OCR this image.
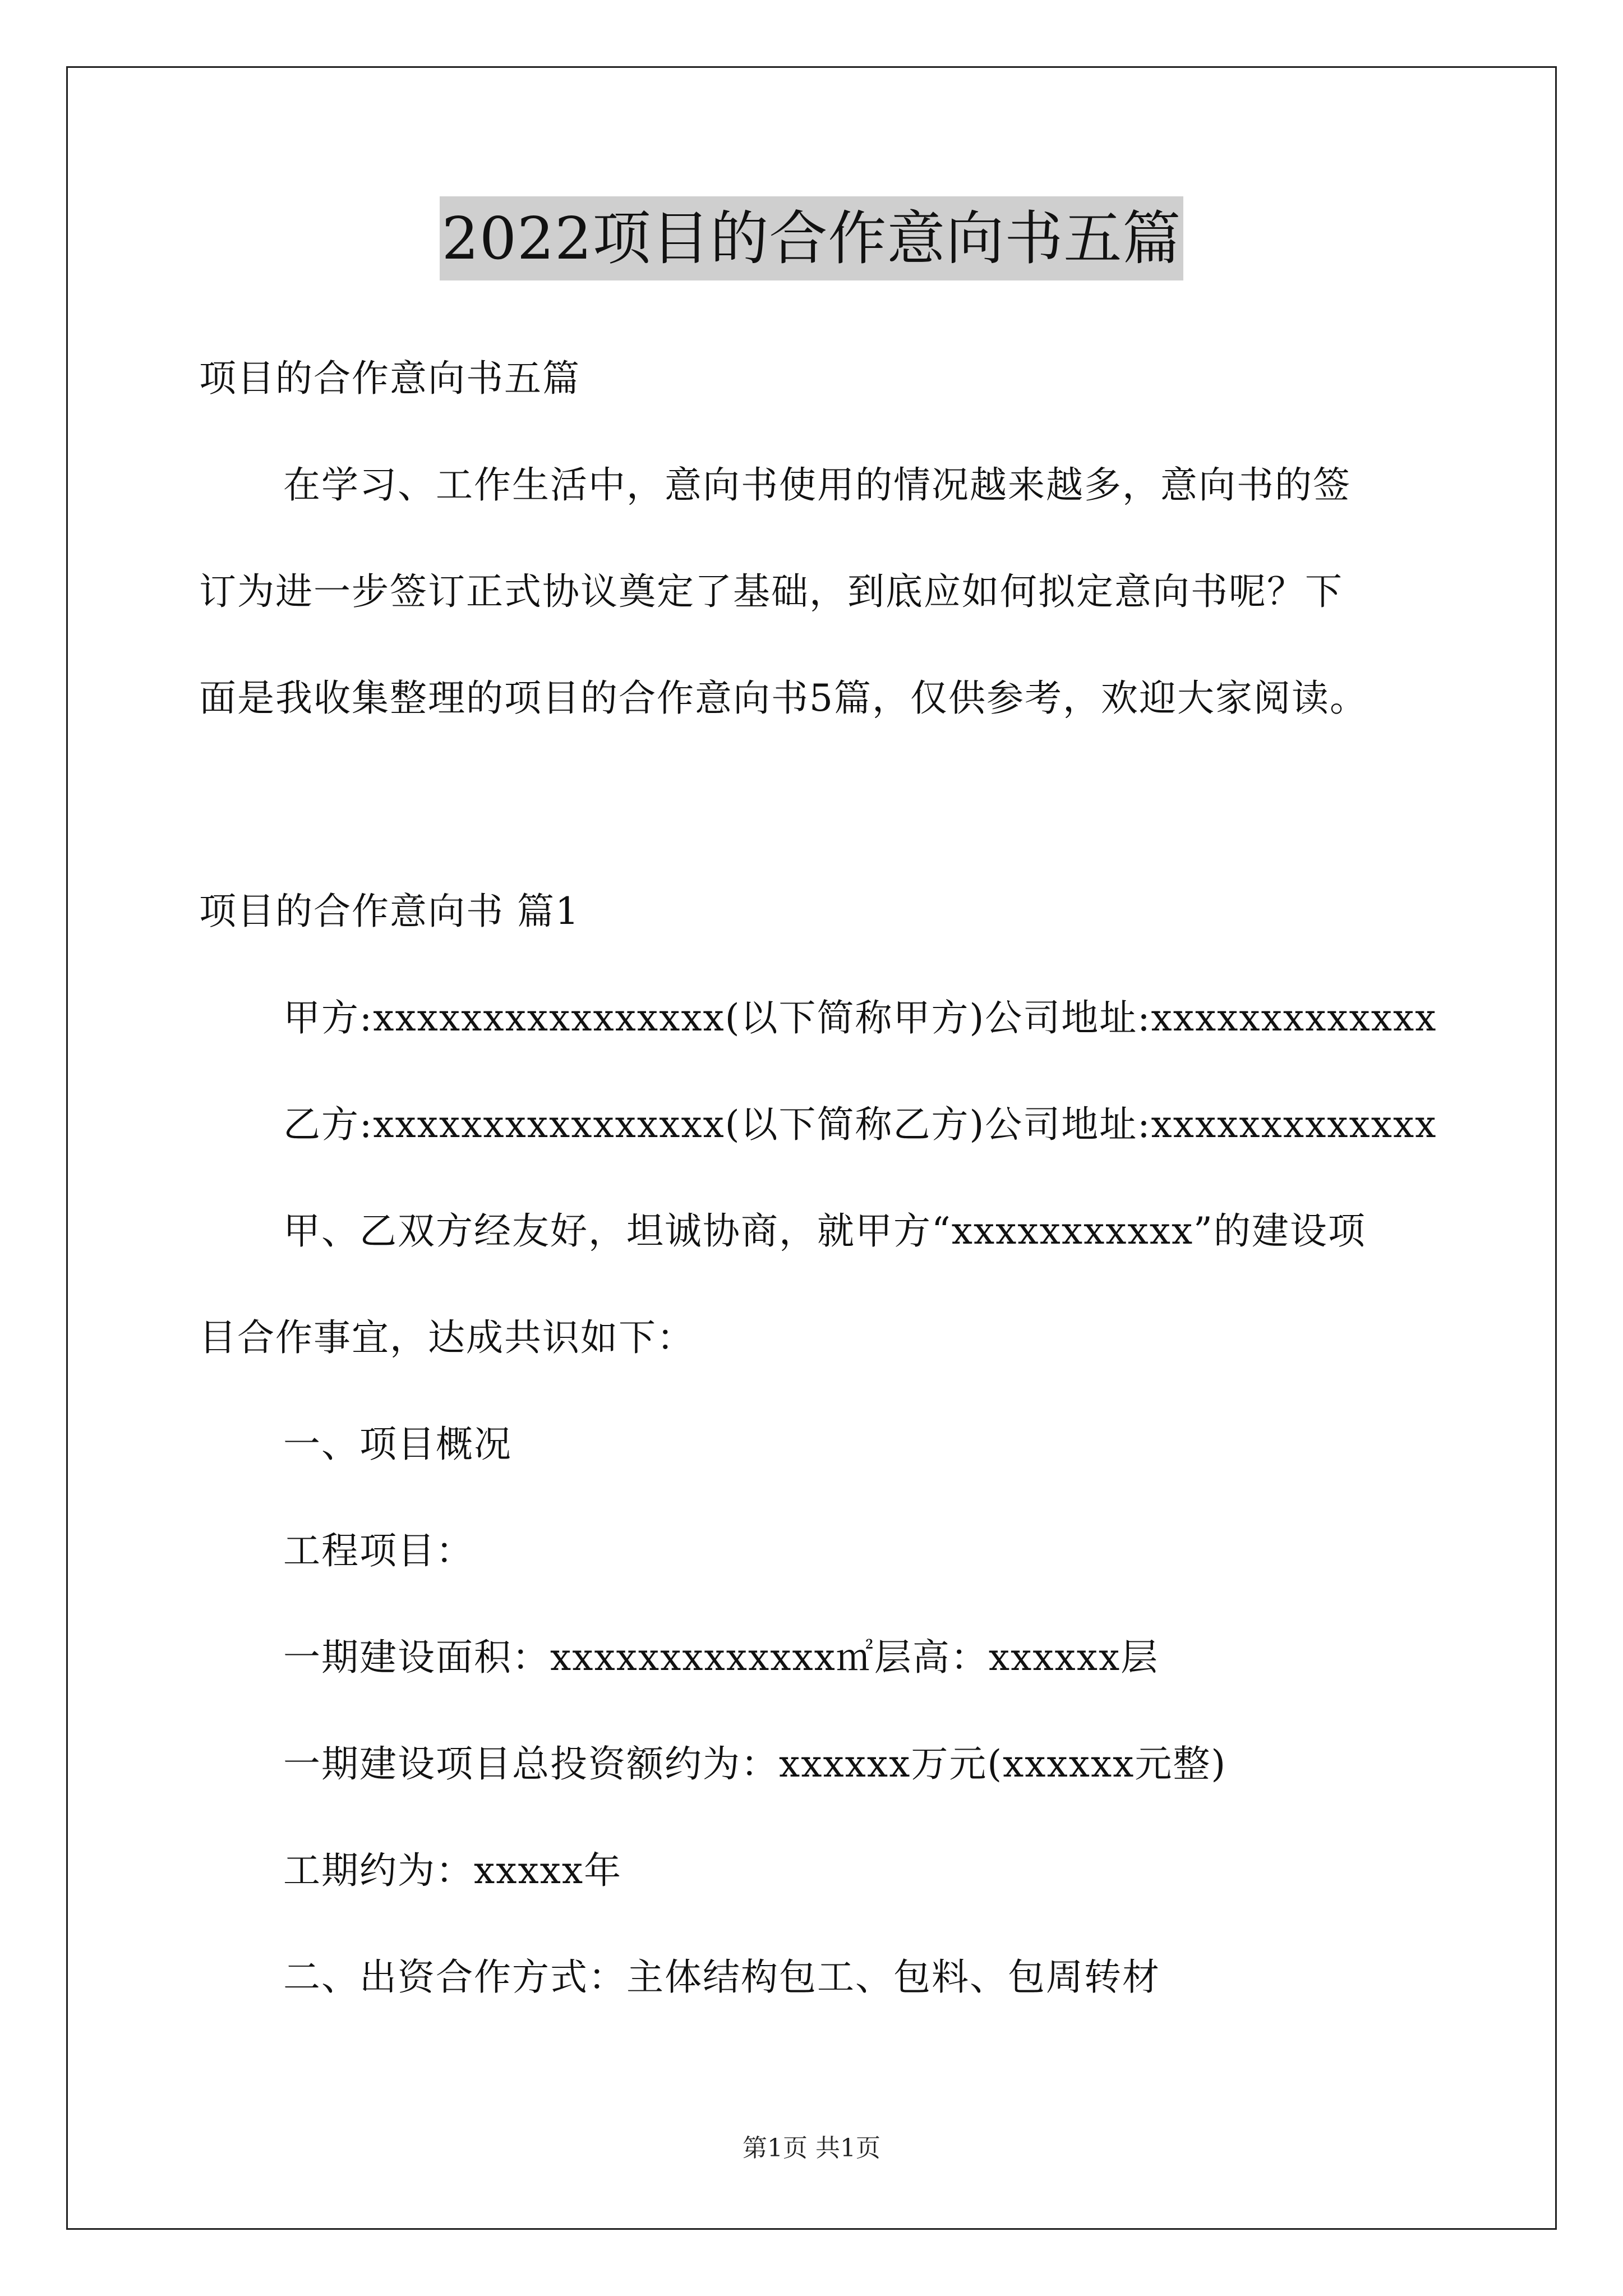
2022项目的合作意向书五篇
项目的合作意向书五篇
在学习、工作生活中，意向书使用的情况越来越多，意向书的签
订为进一步签订正式协议奠定了基础，到底应如何拟定意向书呢？下
面是我收集整理的项目的合作意向书5篇，仅供参考，欢迎大家阅读。
项目的合作意向书 篇1
甲方:xxxxxxxxxxxxxxxx(以下简称甲方)公司地址:xxxxxxxxxxxxx
乙方:xxxxxxxxxxxxxxxx(以下简称乙方)公司地址:xxxxxxxxxxxxx
甲、乙双方经友好，坦诚协商，就甲方“xxxxxxxxxxx”的建设项
目合作事宜，达成共识如下：
一、项目概况
工程项目：
一期建设面积：xxxxxxxxxxxxx㎡层高：xxxxxx层
一期建设项目总投资额约为：xxxxxx万元(xxxxxx元整)
工期约为：xxxxx年
二、出资合作方式：主体结构包工、包料、包周转材
第1页 共1页
